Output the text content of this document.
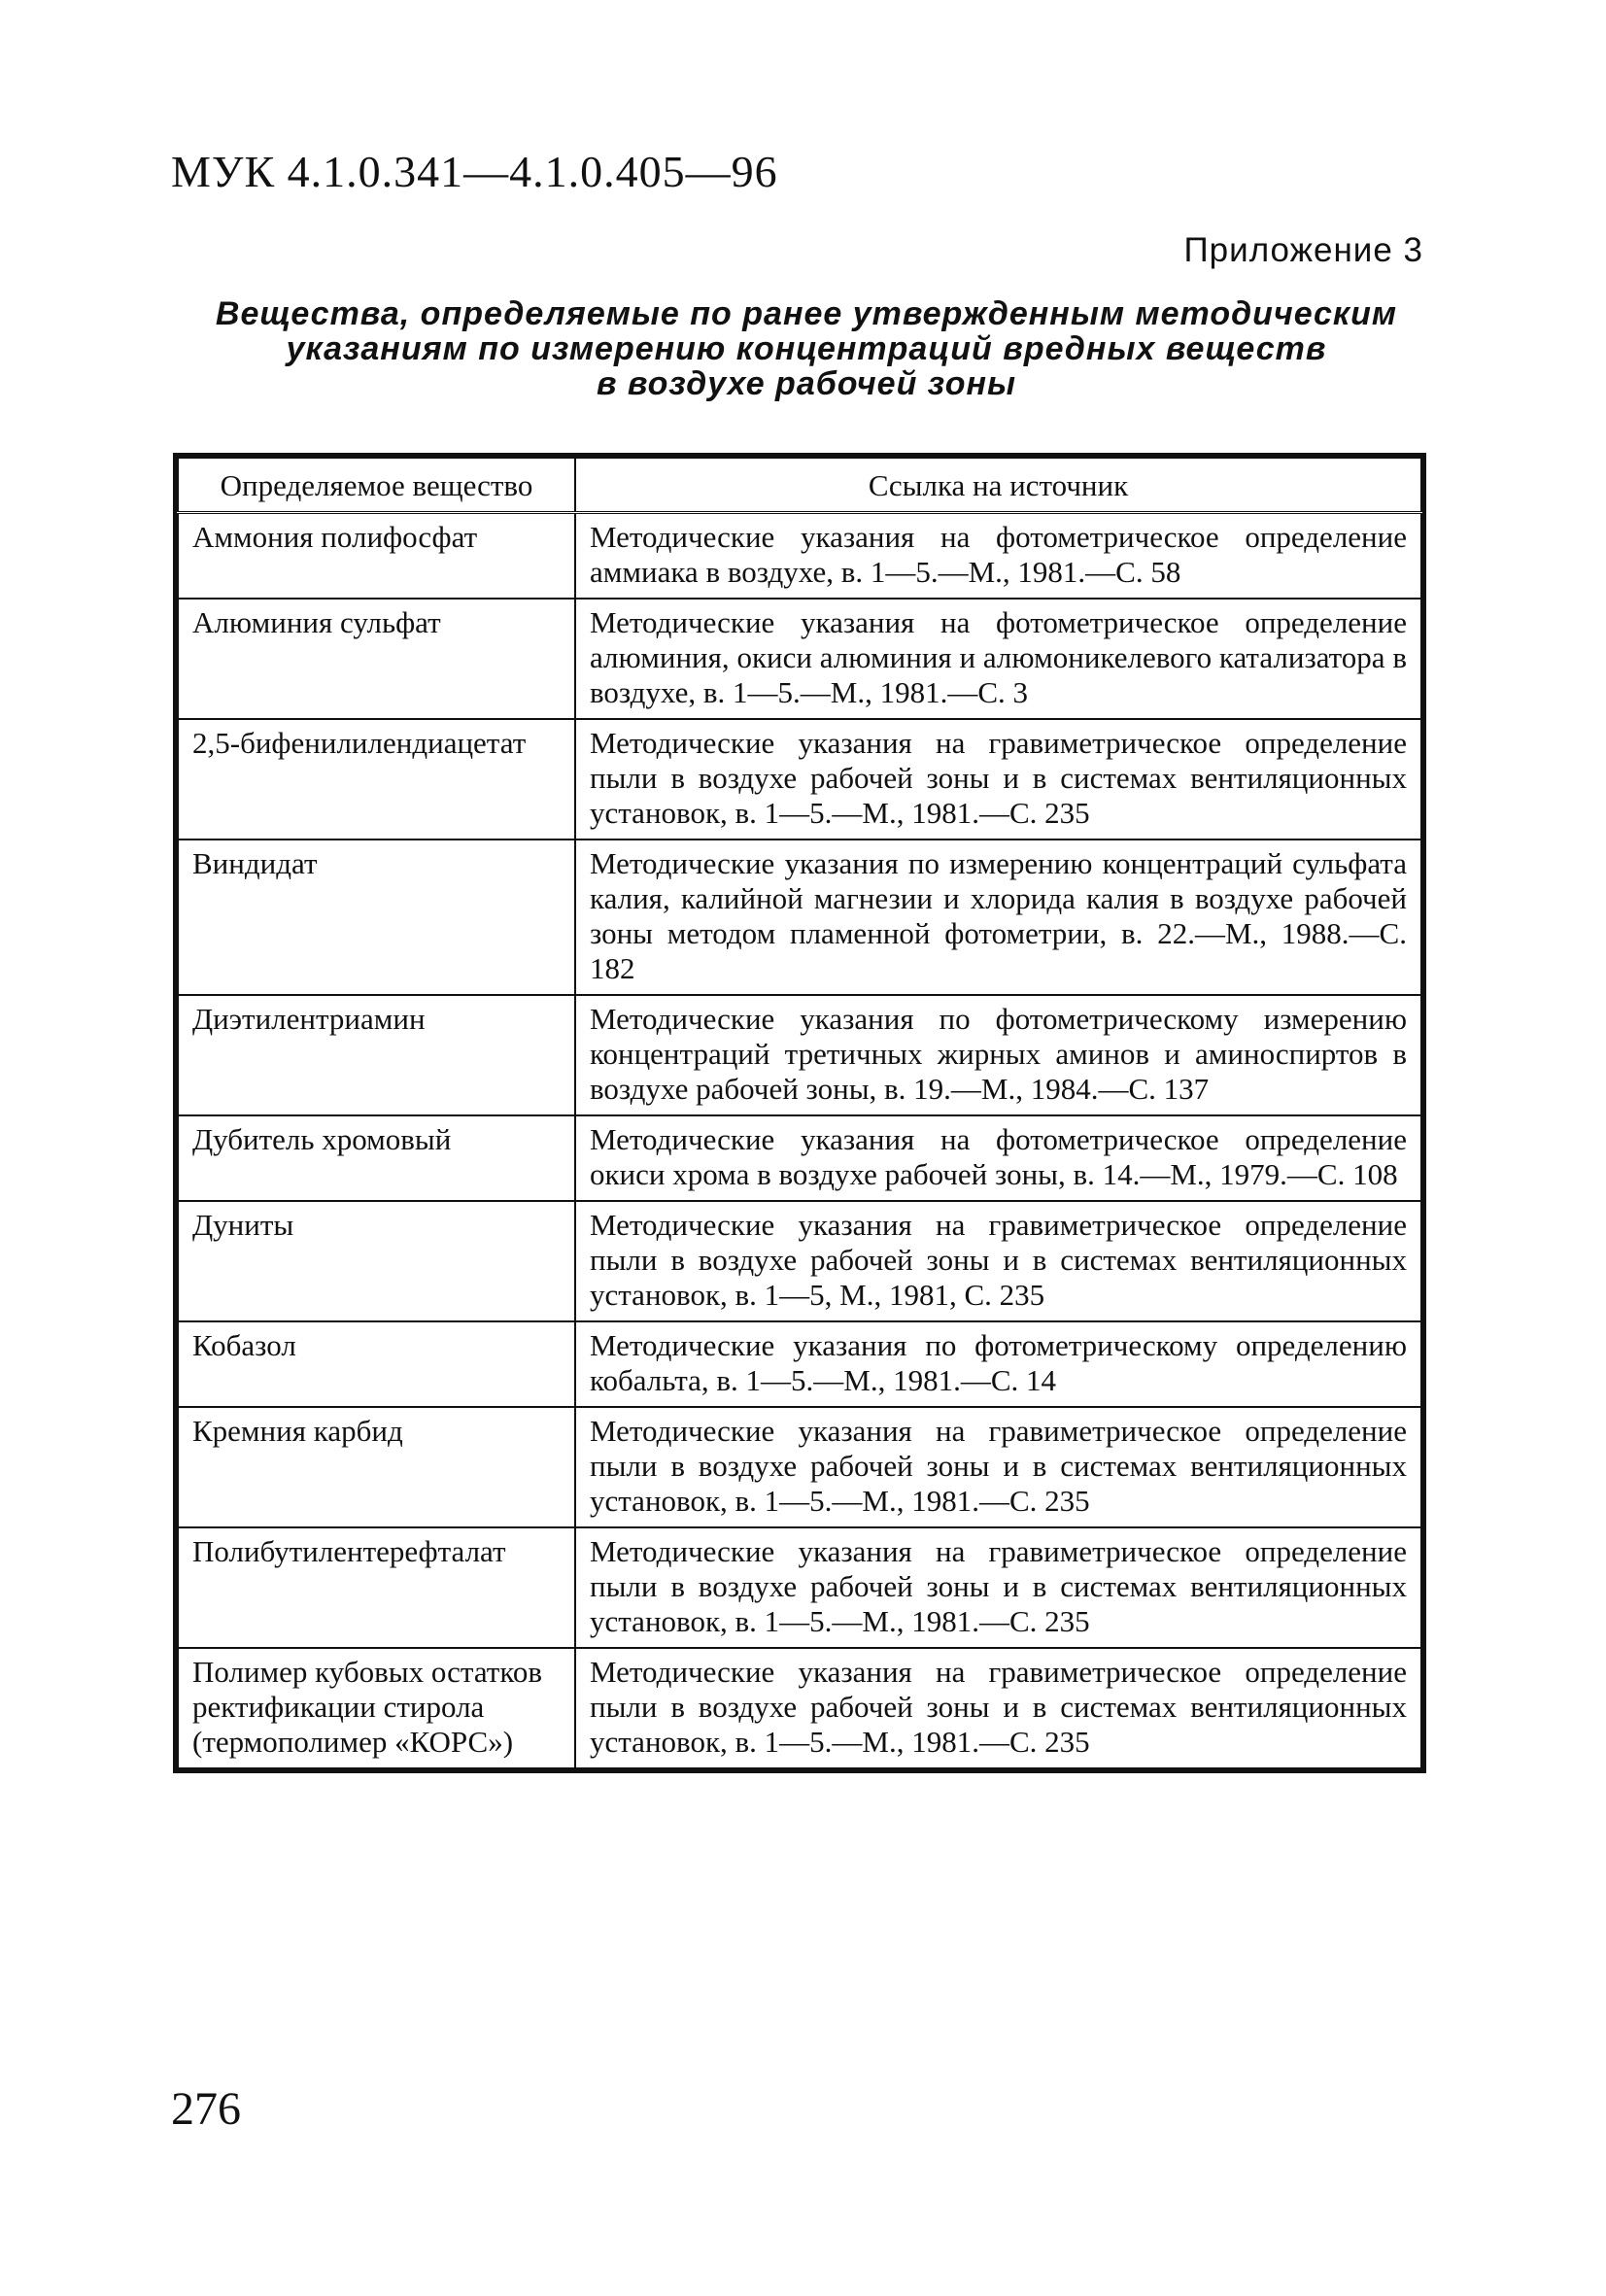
МУК 4.1.0.341—4.1.0.405—96
Приложение 3
Вещества, определяемые по ранее утвержденным методическим
указаниям по измерению концентраций вредных веществ
в воздухе рабочей зоны
Определяемое вещество	Ссылка на источник
Аммония полифосфат	Методические указания на фотометрическое определение аммиака в воздухе, в. 1—5.—М., 1981.—С. 58
Алюминия сульфат	Методические указания на фотометрическое определение алюминия, окиси алюминия и алюмоникелевого катализатора в воздухе, в. 1—5.—М., 1981.—С. 3
2,5-бифенилилендиацетат	Методические указания на гравиметрическое определение пыли в воздухе рабочей зоны и в системах вентиляционных установок, в. 1—5.—М., 1981.—С. 235
Виндидат	Методические указания по измерению концентраций сульфата калия, калийной магнезии и хлорида калия в воздухе рабочей зоны методом пламенной фотометрии, в. 22.—М., 1988.—С. 182
Диэтилентриамин	Методические указания по фотометрическому измерению концентраций третичных жирных аминов и аминоспиртов в воздухе рабочей зоны, в. 19.—М., 1984.—С. 137
Дубитель хромовый	Методические указания на фотометрическое определение окиси хрома в воздухе рабочей зоны, в. 14.—М., 1979.—С. 108
Дуниты	Методические указания на гравиметрическое определение пыли в воздухе рабочей зоны и в системах вентиляционных установок, в. 1—5, М., 1981, С. 235
Кобазол	Методические указания по фотометрическому определению кобальта, в. 1—5.—М., 1981.—С. 14
Кремния карбид	Методические указания на гравиметрическое определение пыли в воздухе рабочей зоны и в системах вентиляционных установок, в. 1—5.—М., 1981.—С. 235
Полибутилентерефталат	Методические указания на гравиметрическое определение пыли в воздухе рабочей зоны и в системах вентиляционных установок, в. 1—5.—М., 1981.—С. 235
Полимер кубовых остатков ректификации стирола (термополимер «КОРС»)	Методические указания на гравиметрическое определение пыли в воздухе рабочей зоны и в системах вентиляционных установок, в. 1—5.—М., 1981.—С. 235
276
